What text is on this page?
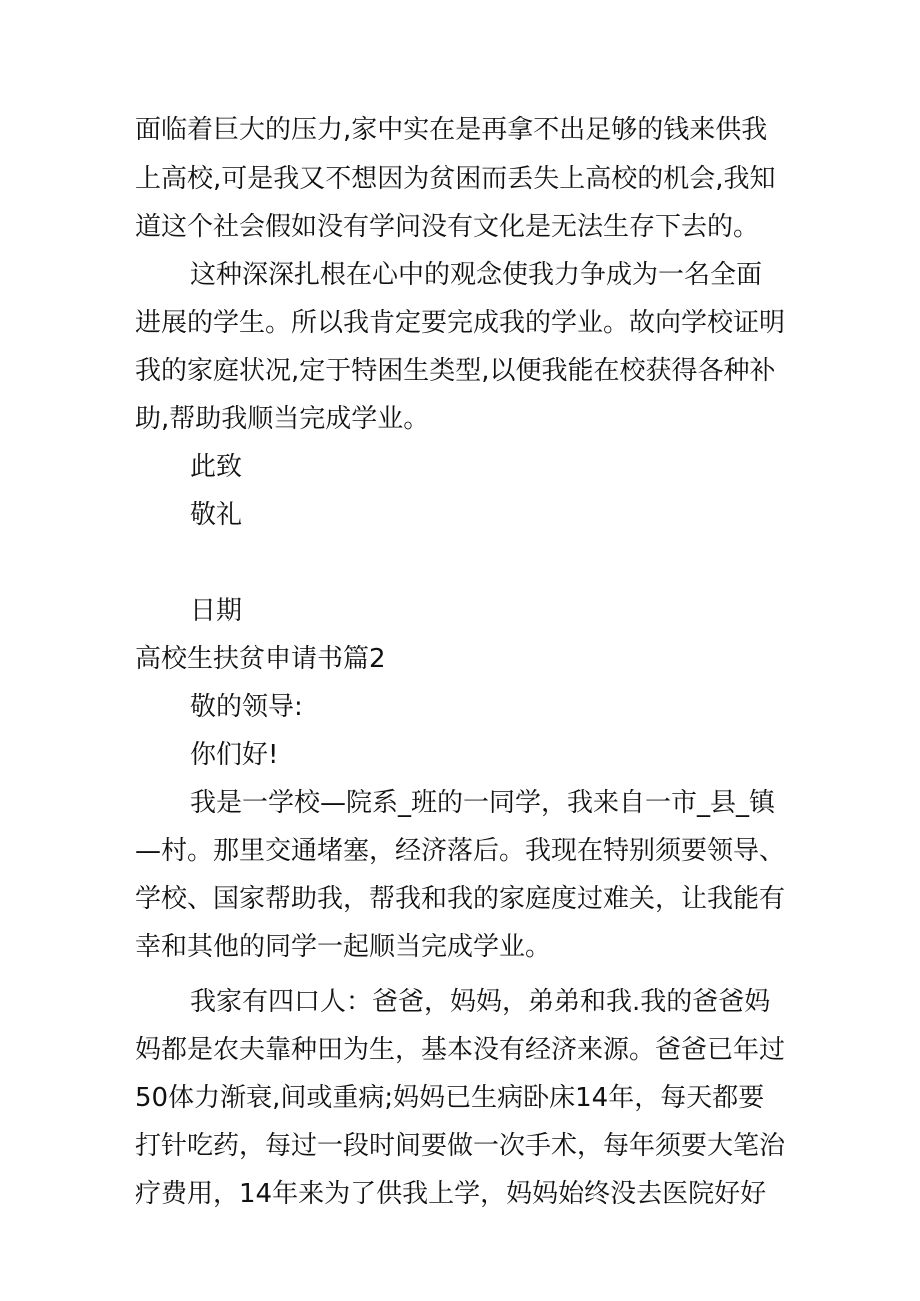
面临着巨大的压力,家中实在是再拿不出足够的钱来供我
上高校,可是我又不想因为贫困而丢失上高校的机会,我知
道这个社会假如没有学问没有文化是无法生存下去的。
这种深深扎根在心中的观念使我力争成为一名全面
进展的学生。所以我肯定要完成我的学业。故向学校证明
我的家庭状况,定于特困生类型,以便我能在校获得各种补
助,帮助我顺当完成学业。
此致
敬礼
日期
高校生扶贫申请书篇2
敬的领导:
你们好!
我是一学校—院系_班的一同学，我来自一市_县_镇
—村。那里交通堵塞，经济落后。我现在特别须要领导、
学校、国家帮助我，帮我和我的家庭度过难关，让我能有
幸和其他的同学一起顺当完成学业。
我家有四口人：爸爸，妈妈，弟弟和我.我的爸爸妈
妈都是农夫靠种田为生，基本没有经济来源。爸爸已年过
50体力渐衰,间或重病;妈妈已生病卧床14年，每天都要
打针吃药，每过一段时间要做一次手术，每年须要大笔治
疗费用，14年来为了供我上学，妈妈始终没去医院好好
